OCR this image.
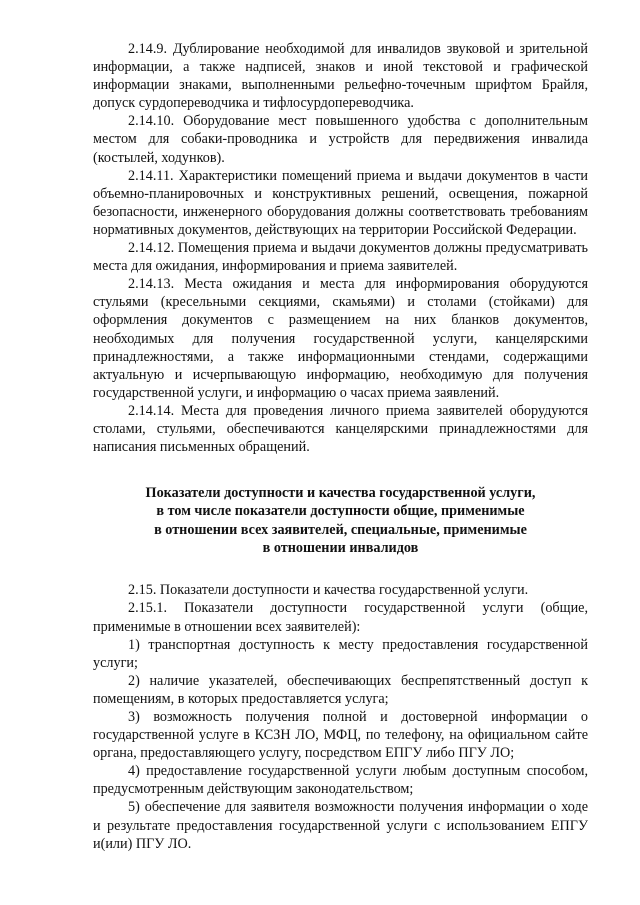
2.14.9. Дублирование необходимой для инвалидов звуковой и зрительной информации, а также надписей, знаков и иной текстовой и графической информации знаками, выполненными рельефно-точечным шрифтом Брайля, допуск сурдопереводчика и тифлосурдопереводчика.

2.14.10. Оборудование мест повышенного удобства с дополнительным местом для собаки-проводника и устройств для передвижения инвалида (костылей, ходунков).

2.14.11. Характеристики помещений приема и выдачи документов в части объемно-планировочных и конструктивных решений, освещения, пожарной безопасности, инженерного оборудования должны соответствовать требованиям нормативных документов, действующих на территории Российской Федерации.

2.14.12. Помещения приема и выдачи документов должны предусматривать места для ожидания, информирования и приема заявителей.

2.14.13. Места ожидания и места для информирования оборудуются стульями (кресельными секциями, скамьями) и столами (стойками) для оформления документов с размещением на них бланков документов, необходимых для получения государственной услуги, канцелярскими принадлежностями, а также информационными стендами, содержащими актуальную и исчерпывающую информацию, необходимую для получения государственной услуги, и информацию о часах приема заявлений.

2.14.14. Места для проведения личного приема заявителей оборудуются столами, стульями, обеспечиваются канцелярскими принадлежностями для написания письменных обращений.

Показатели доступности и качества государственной услуги,
в том числе показатели доступности общие, применимые
в отношении всех заявителей, специальные, применимые
в отношении инвалидов

2.15. Показатели доступности и качества государственной услуги.

2.15.1. Показатели доступности государственной услуги (общие, применимые в отношении всех заявителей):

1) транспортная доступность к месту предоставления государственной услуги;

2) наличие указателей, обеспечивающих беспрепятственный доступ к помещениям, в которых предоставляется услуга;

3) возможность получения полной и достоверной информации о государственной услуге в КСЗН ЛО, МФЦ, по телефону, на официальном сайте органа, предоставляющего услугу, посредством ЕПГУ либо ПГУ ЛО;

4) предоставление государственной услуги любым доступным способом, предусмотренным действующим законодательством;

5) обеспечение для заявителя возможности получения информации о ходе и результате предоставления государственной услуги с использованием ЕПГУ и(или) ПГУ ЛО.
